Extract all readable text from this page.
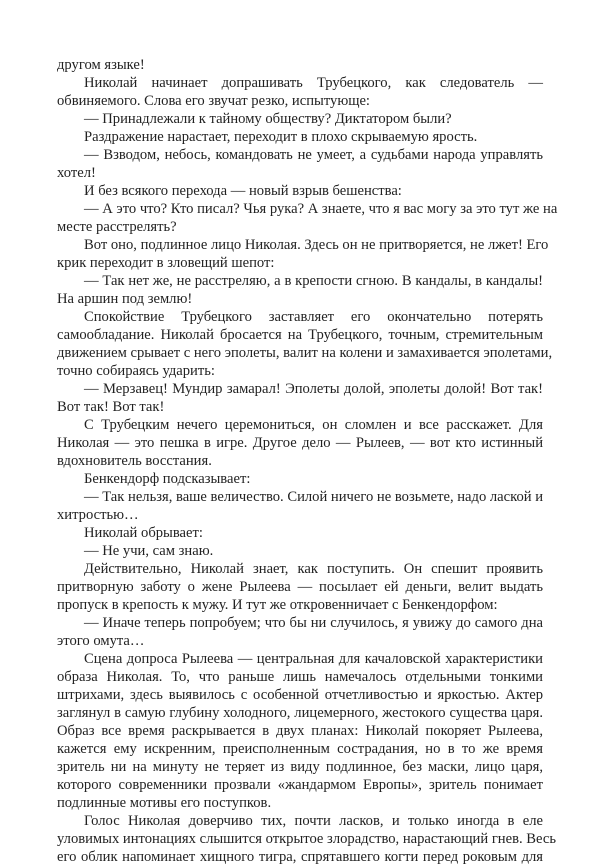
другом языке!
Николай начинает допрашивать Трубецкого, как следователь —
обвиняемого. Слова его звучат резко, испытующе:
— Принадлежали к тайному обществу? Диктатором были?
Раздражение нарастает, переходит в плохо скрываемую ярость.
— Взводом, небось, командовать не умеет, а судьбами народа управлять
хотел!
И без всякого перехода — новый взрыв бешенства:
— А это что? Кто писал? Чья рука? А знаете, что я вас могу за это тут же на
месте расстрелять?
Вот оно, подлинное лицо Николая. Здесь он не притворяется, не лжет! Его
крик переходит в зловещий шепот:
— Так нет же, не расстреляю, а в крепости сгною. В кандалы, в кандалы!
На аршин под землю!
Спокойствие Трубецкого заставляет его окончательно потерять
самообладание. Николай бросается на Трубецкого, точным, стремительным
движением срывает с него эполеты, валит на колени и замахивается эполетами,
точно собираясь ударить:
— Мерзавец! Мундир замарал! Эполеты долой, эполеты долой! Вот так!
Вот так! Вот так!
С Трубецким нечего церемониться, он сломлен и все расскажет. Для
Николая — это пешка в игре. Другое дело — Рылеев, — вот кто истинный
вдохновитель восстания.
Бенкендорф подсказывает:
— Так нельзя, ваше величество. Силой ничего не возьмете, надо лаской и
хитростью…
Николай обрывает:
— Не учи, сам знаю.
Действительно, Николай знает, как поступить. Он спешит проявить
притворную заботу о жене Рылеева — посылает ей деньги, велит выдать
пропуск в крепость к мужу. И тут же откровенничает с Бенкендорфом:
— Иначе теперь попробуем; что бы ни случилось, я увижу до самого дна
этого омута…
Сцена допроса Рылеева — центральная для качаловской характеристики
образа Николая. То, что раньше лишь намечалось отдельными тонкими
штрихами, здесь выявилось с особенной отчетливостью и яркостью. Актер
заглянул в самую глубину холодного, лицемерного, жестокого существа царя.
Образ все время раскрывается в двух планах: Николай покоряет Рылеева,
кажется ему искренним, преисполненным сострадания, но в то же время
зритель ни на минуту не теряет из виду подлинное, без маски, лицо царя,
которого современники прозвали «жандармом Европы», зритель понимает
подлинные мотивы его поступков.
Голос Николая доверчиво тих, почти ласков, и только иногда в еле
уловимых интонациях слышится открытое злорадство, нарастающий гнев. Весь
его облик напоминает хищного тигра, спрятавшего когти перед роковым для
